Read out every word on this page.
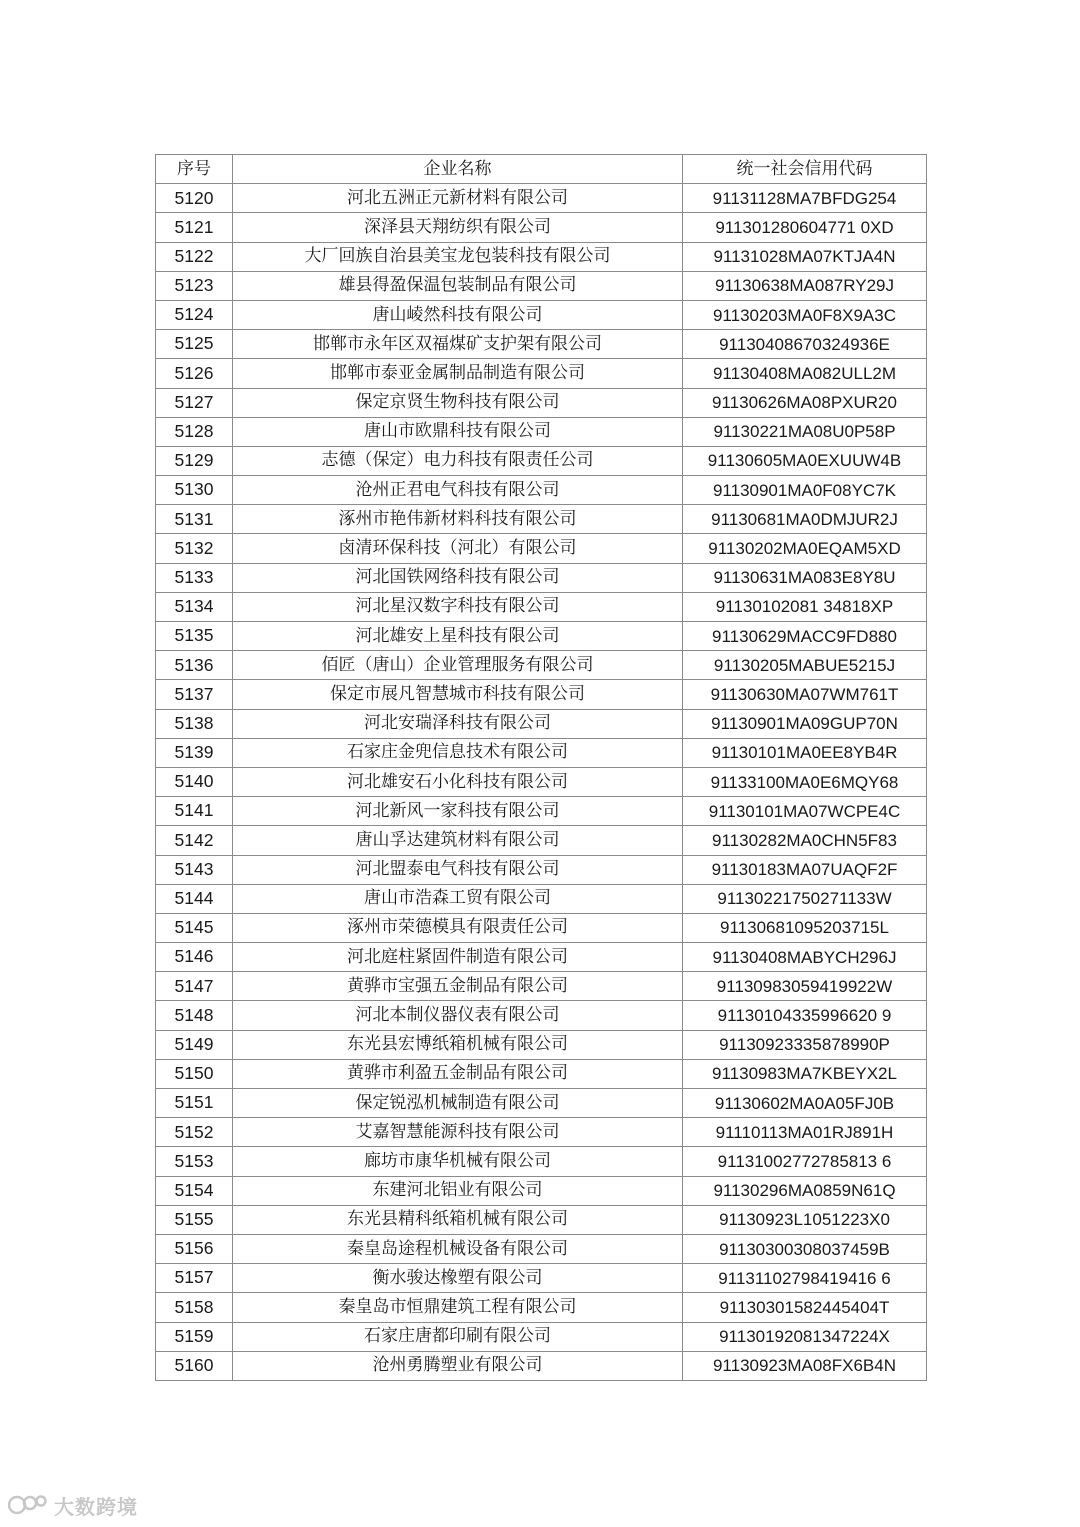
序号	企业名称	统一社会信用代码
5120	河北五洲正元新材料有限公司	91131128MA7BFDG254
5121	深泽县天翔纺织有限公司	911301280604771 0XD
5122	大厂回族自治县美宝龙包装科技有限公司	91131028MA07KTJA4N
5123	雄县得盈保温包装制品有限公司	91130638MA087RY29J
5124	唐山崚然科技有限公司	91130203MA0F8X9A3C
5125	邯郸市永年区双福煤矿支护架有限公司	91130408670324936E
5126	邯郸市泰亚金属制品制造有限公司	91130408MA082ULL2M
5127	保定京贤生物科技有限公司	91130626MA08PXUR20
5128	唐山市欧鼎科技有限公司	91130221MA08U0P58P
5129	志德（保定）电力科技有限责任公司	91130605MA0EXUUW4B
5130	沧州正君电气科技有限公司	91130901MA0F08YC7K
5131	涿州市艳伟新材料科技有限公司	91130681MA0DMJUR2J
5132	卤清环保科技（河北）有限公司	91130202MA0EQAM5XD
5133	河北国铁网络科技有限公司	91130631MA083E8Y8U
5134	河北星汉数字科技有限公司	91130102081 34818XP
5135	河北雄安上星科技有限公司	91130629MACC9FD880
5136	佰匠（唐山）企业管理服务有限公司	91130205MABUE5215J
5137	保定市展凡智慧城市科技有限公司	91130630MA07WM761T
5138	河北安瑞泽科技有限公司	91130901MA09GUP70N
5139	石家庄金兜信息技术有限公司	91130101MA0EE8YB4R
5140	河北雄安石小化科技有限公司	91133100MA0E6MQY68
5141	河北新风一家科技有限公司	91130101MA07WCPE4C
5142	唐山孚达建筑材料有限公司	91130282MA0CHN5F83
5143	河北盟泰电气科技有限公司	91130183MA07UAQF2F
5144	唐山市浩森工贸有限公司	91130221750271133W
5145	涿州市荣德模具有限责任公司	91130681095203715L
5146	河北庭柱紧固件制造有限公司	91130408MABYCH296J
5147	黄骅市宝强五金制品有限公司	91130983059419922W
5148	河北本制仪器仪表有限公司	91130104335996620 9
5149	东光县宏博纸箱机械有限公司	91130923335878990P
5150	黄骅市利盈五金制品有限公司	91130983MA7KBEYX2L
5151	保定锐泓机械制造有限公司	91130602MA0A05FJ0B
5152	艾嘉智慧能源科技有限公司	91110113MA01RJ891H
5153	廊坊市康华机械有限公司	91131002772785813 6
5154	东建河北铝业有限公司	91130296MA0859N61Q
5155	东光县精科纸箱机械有限公司	91130923L1051223X0
5156	秦皇岛途程机械设备有限公司	91130300308037459B
5157	衡水骏达橡塑有限公司	91131102798419416 6
5158	秦皇岛市恒鼎建筑工程有限公司	91130301582445404T
5159	石家庄唐都印刷有限公司	91130192081347224X
5160	沧州勇腾塑业有限公司	91130923MA08FX6B4N
大数跨境
